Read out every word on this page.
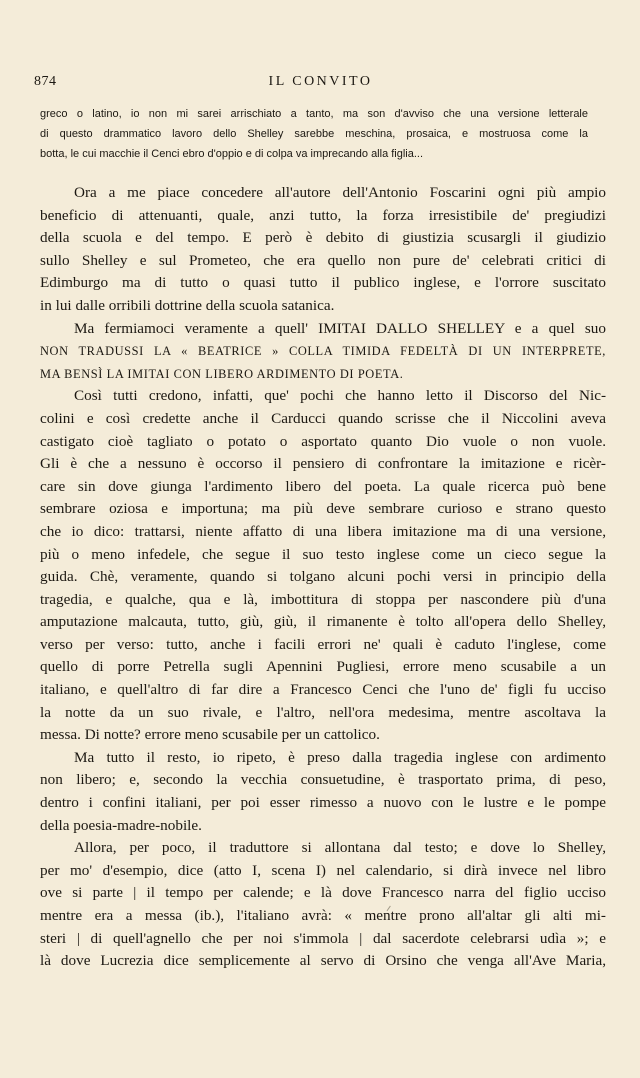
874	IL CONVITO
greco o latino, io non mi sarei arrischiato a tanto, ma son d'avviso che una versione letterale
di questo drammatico lavoro dello Shelley sarebbe meschina, prosaica, e mostruosa come la
botta, le cui macchie il Cenci ebro d'oppio e di colpa va imprecando alla figlia...
Ora a me piace concedere all'autore dell'Antonio Foscarini ogni più ampio
beneficio di attenuanti, quale, anzi tutto, la forza irresistibile de' pregiudizi
della scuola e del tempo. E però è debito di giustizia scusargli il giudizio
sullo Shelley e sul Prometeo, che era quello non pure de' celebrati critici di
Edimburgo ma di tutto o quasi tutto il publico inglese, e l'orrore suscitato
in lui dalle orribili dottrine della scuola satanica.
Ma fermiamoci veramente a quell' IMITAI DALLO SHELLEY e a quel suo
NON TRADUSSI LA « BEATRICE » COLLA TIMIDA FEDELTÀ DI UN INTERPRETE,
MA BENSÌ LA IMITAI CON LIBERO ARDIMENTO DI POETA.
Così tutti credono, infatti, que' pochi che hanno letto il Discorso del Nic-
colini e così credette anche il Carducci quando scrisse che il Niccolini aveva
castigato cioè tagliato o potato o asportato quanto Dio vuole o non vuole.
Gli è che a nessuno è occorso il pensiero di confrontare la imitazione e ricèr-
care sin dove giunga l'ardimento libero del poeta. La quale ricerca può bene
sembrare oziosa e importuna; ma più deve sembrare curioso e strano questo
che io dico: trattarsi, niente affatto di una libera imitazione ma di una versione,
più o meno infedele, che segue il suo testo inglese come un cieco segue la
guida. Chè, veramente, quando si tolgano alcuni pochi versi in principio della
tragedia, e qualche, qua e là, imbottitura di stoppa per nascondere più d'una
amputazione malcauta, tutto, giù, giù, il rimanente è tolto all'opera dello Shelley,
verso per verso: tutto, anche i facili errori ne' quali è caduto l'inglese, come
quello di porre Petrella sugli Apennini Pugliesi, errore meno scusabile a un
italiano, e quell'altro di far dire a Francesco Cenci che l'uno de' figli fu ucciso
la notte da un suo rivale, e l'altro, nell'ora medesima, mentre ascoltava la
messa. Di notte? errore meno scusabile per un cattolico.
Ma tutto il resto, io ripeto, è preso dalla tragedia inglese con ardimento
non libero; e, secondo la vecchia consuetudine, è trasportato prima, di peso,
dentro i confini italiani, per poi esser rimesso a nuovo con le lustre e le pompe
della poesia-madre-nobile.
Allora, per poco, il traduttore si allontana dal testo; e dove lo Shelley,
per mo' d'esempio, dice (atto I, scena I) nel calendario, si dirà invece nel libro
ove si parte | il tempo per calende; e là dove Francesco narra del figlio ucciso
mentre era a messa (ib.), l'italiano avrà: « mentre prono all'altar gli alti mi-
steri | di quell'agnello che per noi s'immola | dal sacerdote celebrarsi udìa »; e
là dove Lucrezia dice semplicemente al servo di Orsino che venga all'Ave Maria,
